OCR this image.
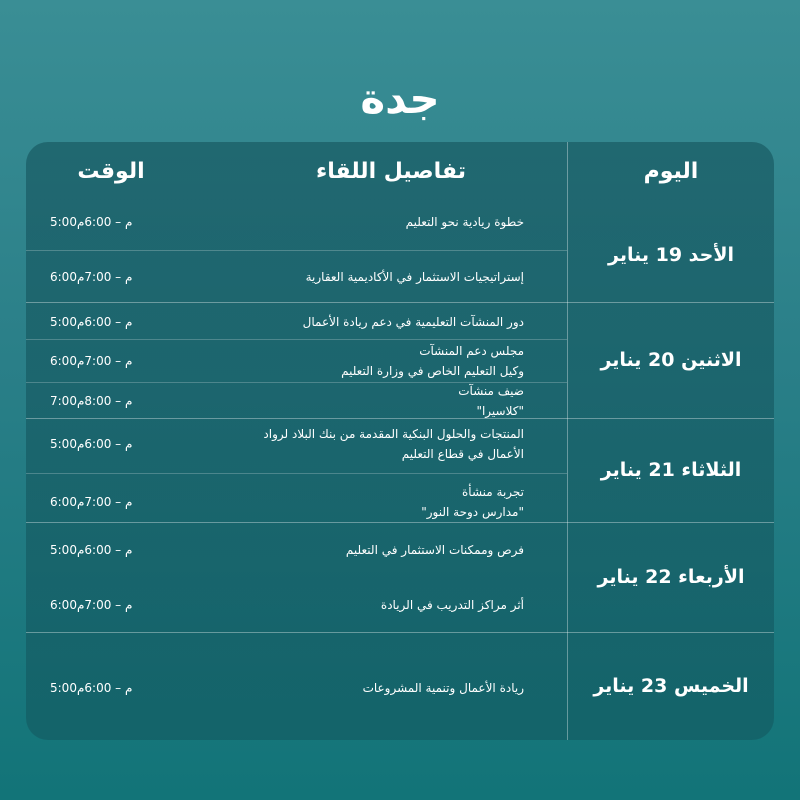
جدة
اليوم
تفاصيل اللقاء
الوقت
الأحد 19 يناير
خطوة ريادية نحو التعليم
5:00م – 6:00م
إستراتيجيات الاستثمار في الأكاديمية العقارية
6:00م – 7:00م
الاثنين 20 يناير
دور المنشآت التعليمية في دعم ريادة الأعمال
5:00م – 6:00م
مجلس دعم المنشآت
وكيل التعليم الخاص في وزارة التعليم
6:00م – 7:00م
ضيف منشآت
"كلاسيرا"
7:00م – 8:00م
الثلاثاء 21 يناير
المنتجات والحلول البنكية المقدمة من بنك البلاد لرواد
الأعمال في قطاع التعليم
5:00م – 6:00م
تجربة منشأة
"مدارس دوحة النور"
6:00م – 7:00م
الأربعاء 22 يناير
فرص وممكنات الاستثمار في التعليم
5:00م – 6:00م
أثر مراكز التدريب في الريادة
6:00م – 7:00م
الخميس 23 يناير
ريادة الأعمال وتنمية المشروعات
5:00م – 6:00م
